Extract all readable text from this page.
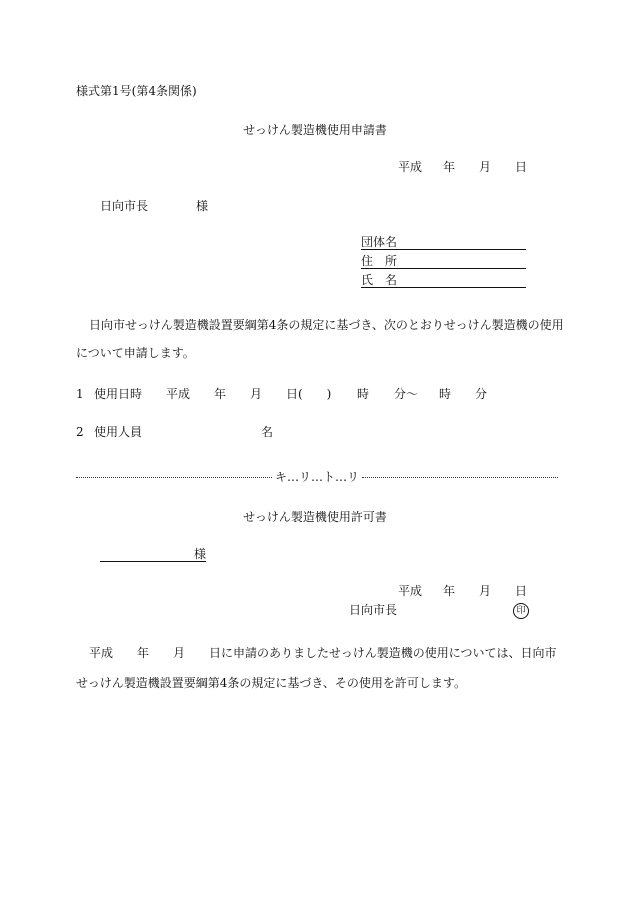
様式第1号(第4条関係)
せっけん製造機使用申請書
平成 年 月 日
日向市長	様
団体名
住　所
氏　名
日向市せっけん製造機設置要綱第4条の規定に基づき、次のとおりせっけん製造機の使用
について申請します。
1 使用日時 平成 年 月 日(　　) 時 分〜 時 分
2 使用人員	名
キ…リ…ト…リ
せっけん製造機使用許可書
様
平成 年 月 日
日向市長	印
平成　　年　　月　　日に申請のありましたせっけん製造機の使用については、日向市
せっけん製造機設置要綱第4条の規定に基づき、その使用を許可します。
